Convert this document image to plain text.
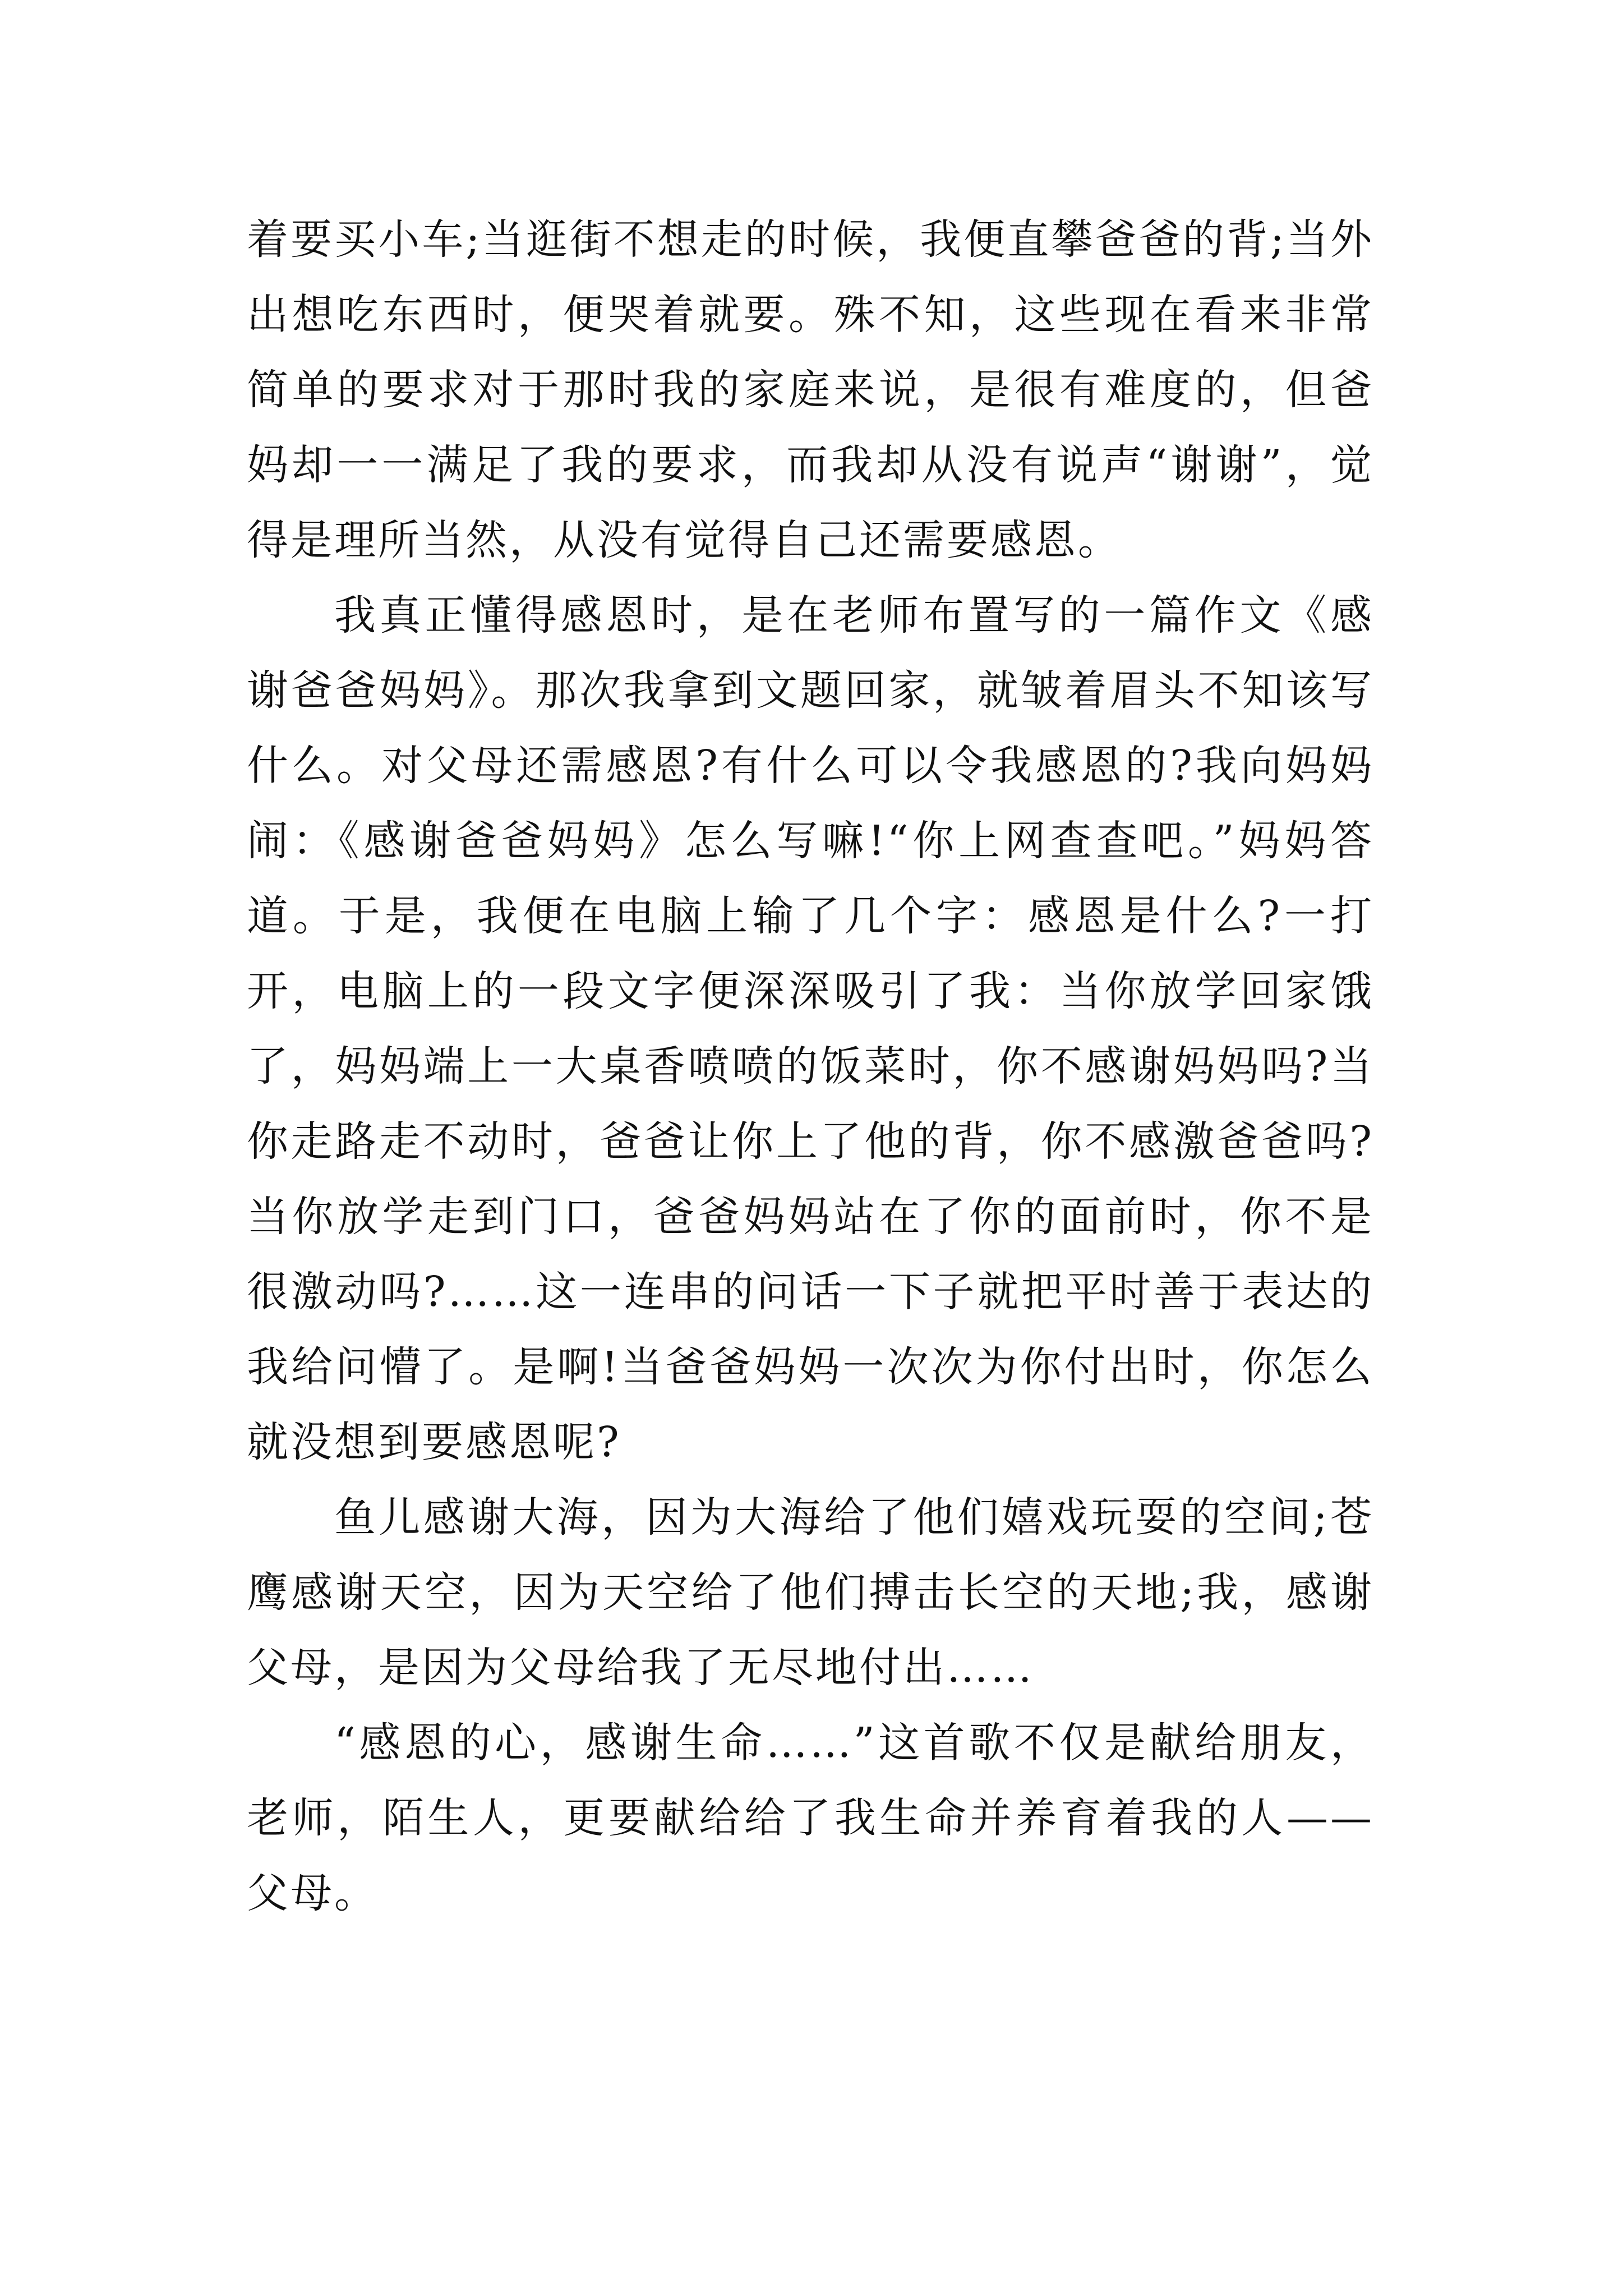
着要买小车;当逛街不想走的时候，我便直攀爸爸的背;当外出想吃东西时，便哭着就要。殊不知，这些现在看来非常简单的要求对于那时我的家庭来说，是很有难度的，但爸妈却一一满足了我的要求，而我却从没有说声“谢谢”，觉得是理所当然，从没有觉得自己还需要感恩。

我真正懂得感恩时，是在老师布置写的一篇作文《感谢爸爸妈妈》。那次我拿到文题回家，就皱着眉头不知该写什么。对父母还需感恩?有什么可以令我感恩的?我向妈妈闹：《感谢爸爸妈妈》怎么写嘛!“你上网查查吧。”妈妈答道。于是，我便在电脑上输了几个字：感恩是什么?一打开，电脑上的一段文字便深深吸引了我：当你放学回家饿了，妈妈端上一大桌香喷喷的饭菜时，你不感谢妈妈吗?当你走路走不动时，爸爸让你上了他的背，你不感激爸爸吗?当你放学走到门口，爸爸妈妈站在了你的面前时，你不是很激动吗?……这一连串的问话一下子就把平时善于表达的我给问懵了。是啊!当爸爸妈妈一次次为你付出时，你怎么就没想到要感恩呢?

鱼儿感谢大海，因为大海给了他们嬉戏玩耍的空间;苍鹰感谢天空，因为天空给了他们搏击长空的天地;我，感谢父母，是因为父母给我了无尽地付出……

“感恩的心，感谢生命……”这首歌不仅是献给朋友，老师，陌生人，更要献给给了我生命并养育着我的人——父母。
